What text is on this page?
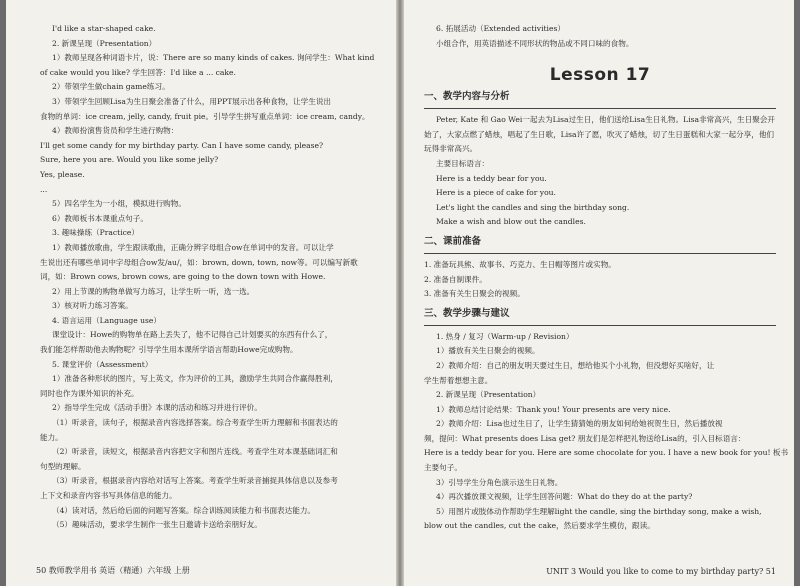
I'd like a star-shaped cake.
2. 新课呈现（Presentation）
1）教师呈现各种词语卡片，说：There are so many kinds of cakes. 询问学生：What kind
of cake would you like? 学生回答：I'd like a ... cake.
2）带领学生做chain game练习。
3）带领学生回顾Lisa为生日聚会准备了什么，用PPT展示出各种食物，让学生说出
食物的单词：ice cream, jelly, candy, fruit pie。引导学生拼写重点单词：ice cream, candy。
4）教师扮演售货员和学生进行购物：
I'll get some candy for my birthday party. Can I have some candy, please?
Sure, here you are. Would you like some jelly?
Yes, please.
...
5）四名学生为一小组，模拟进行购物。
6）教师板书本课重点句子。
3. 趣味操练（Practice）
1）教师播放歌曲，学生跟读歌曲，正确分辨字母组合ow在单词中的发音。可以让学
生说出还有哪些单词中字母组合ow发/au/，如：brown, down, town, now等。可以编写新歌
词，如：Brown cows, brown cows, are going to the down town with Howe.
2）用上节课的购物单做写力练习，让学生听一听，选一选。
3）核对听力练习答案。
4. 语言运用（Language use）
课堂设计：Howe的购物单在路上丢失了，他不记得自己计划要买的东西有什么了，
我们能怎样帮助他去购物呢？引导学生用本课所学语言帮助Howe完成购物。
5. 课堂评价（Assessment）
1）准备各种形状的图片，写上英文，作为评价的工具，激励学生共同合作赢得胜利，
同时也作为课外知识的补充。
2）指导学生完成《活动手册》本课的活动和练习并进行评价。
（1）听录音，读句子，根据录音内容选择答案。综合考查学生听力理解和书面表达的
能力。
（2）听录音，读短文，根据录音内容把文字和图片连线。考查学生对本课基础词汇和
句型的理解。
（3）听录音，根据录音内容给对话写上答案。考查学生听录音捕捉具体信息以及参考
上下文和录音内容书写具体信息的能力。
（4）读对话，然后给后面的问题写答案。综合训练阅读能力和书面表达能力。
（5）趣味活动，要求学生制作一张生日邀请卡送给亲朋好友。
50 教师教学用书 英语（精通）六年级 上册
6. 拓展活动（Extended activities）
小组合作，用英语描述不同形状的物品或不同口味的食物。
Lesson 17
一、教学内容与分析
Peter, Kate 和 Gao Wei一起去为Lisa过生日，他们送给Lisa生日礼物。Lisa非常高兴，生日聚会开始了，大家点燃了蜡烛，唱起了生日歌，Lisa许了愿，吹灭了蜡烛，切了生日蛋糕和大家一起分享，他们玩得非常高兴。
主要目标语言：
Here is a teddy bear for you.
Here is a piece of cake for you.
Let's light the candles and sing the birthday song.
Make a wish and blow out the candles.
二、课前准备
1. 准备玩具熊、故事书、巧克力、生日帽等图片或实物。
2. 准备自制课件。
3. 准备有关生日聚会的视频。
三、教学步骤与建议
1. 热身 / 复习（Warm-up / Revision）
1）播放有关生日聚会的视频。
2）教师介绍：自己的朋友明天要过生日，想给他买个小礼物，但没想好买啥好，让
学生帮着想想主意。
2. 新课呈现（Presentation）
1）教师总结讨论结果：Thank you! Your presents are very nice.
2）教师介绍：Lisa也过生日了，让学生猜猜她的朋友如何给她祝贺生日，然后播放视
频，提问：What presents does Lisa get? 朋友们是怎样把礼物送给Lisa的，引入目标语言：
Here is a teddy bear for you. Here are some chocolate for you. I have a new book for you! 板书
主要句子。
3）引导学生分角色演示送生日礼物。
4）再次播放课文视频，让学生回答问题：What do they do at the party?
5）用图片或肢体动作帮助学生理解light the candle, sing the birthday song, make a wish,
blow out the candles, cut the cake，然后要求学生模仿，跟读。
UNIT 3 Would you like to come to my birthday party? 51
